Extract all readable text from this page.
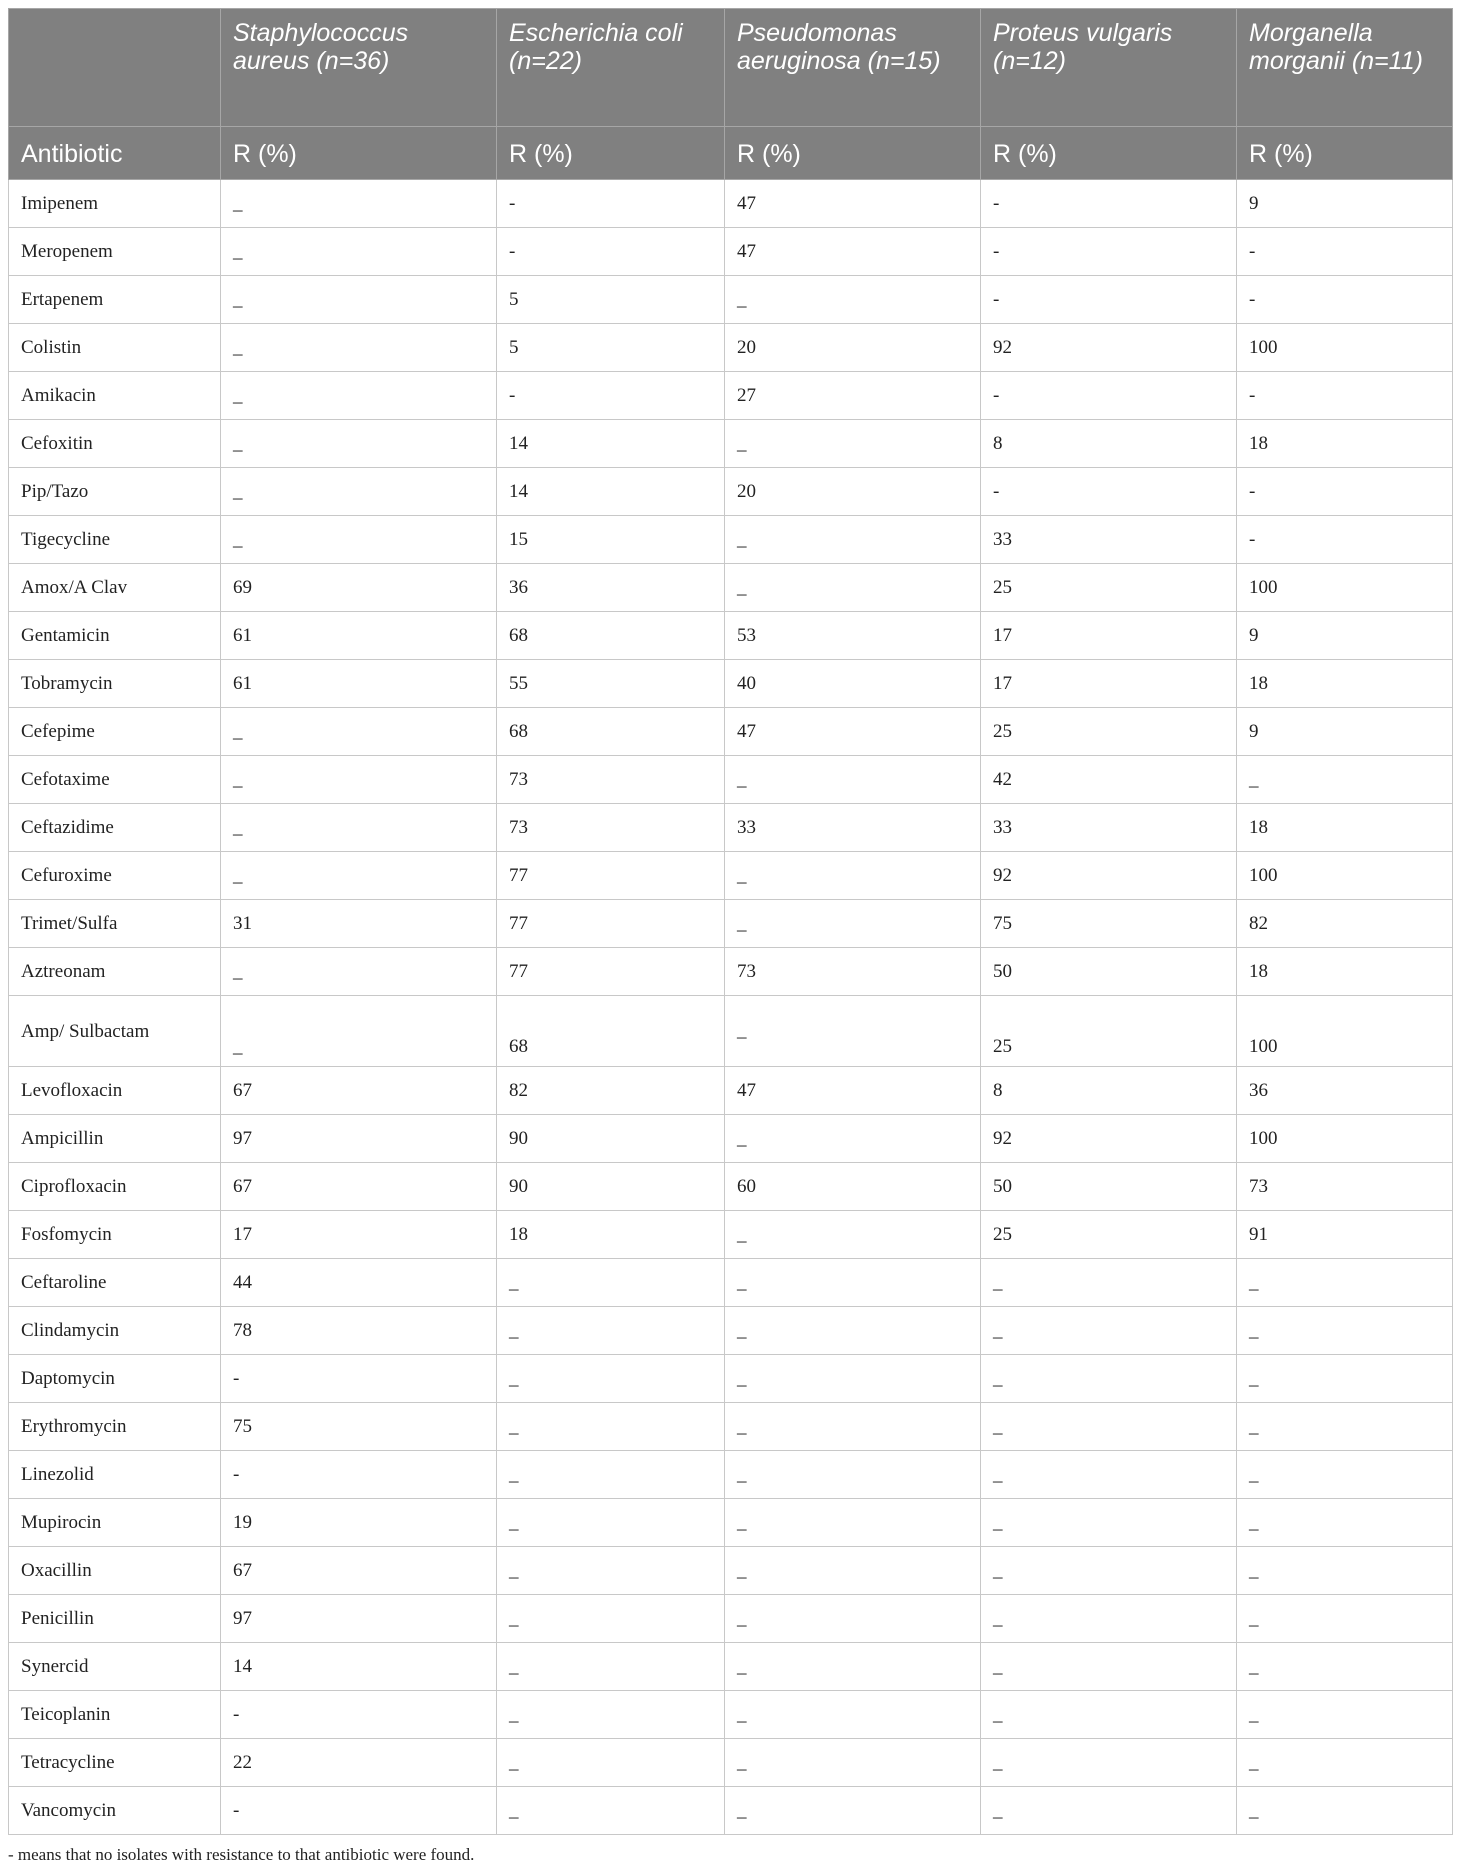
	Staphylococcus aureus (n=36)	Escherichia coli (n=22)	Pseudomonas aeruginosa (n=15)	Proteus vulgaris (n=12)	Morganella morganii (n=11)
Antibiotic	R (%)	R (%)	R (%)	R (%)	R (%)
Imipenem	_	-	47	-	9
Meropenem	_	-	47	-	-
Ertapenem	_	5	_	-	-
Colistin	_	5	20	92	100
Amikacin	_	-	27	-	-
Cefoxitin	_	14	_	8	18
Pip/Tazo	_	14	20	-	-
Tigecycline	_	15	_	33	-
Amox/A Clav	69	36	_	25	100
Gentamicin	61	68	53	17	9
Tobramycin	61	55	40	17	18
Cefepime	_	68	47	25	9
Cefotaxime	_	73	_	42	_
Ceftazidime	_	73	33	33	18
Cefuroxime	_	77	_	92	100
Trimet/Sulfa	31	77	_	75	82
Aztreonam	_	77	73	50	18
Amp/ Sulbactam	_	68	_	25	100
Levofloxacin	67	82	47	8	36
Ampicillin	97	90	_	92	100
Ciprofloxacin	67	90	60	50	73
Fosfomycin	17	18	_	25	91
Ceftaroline	44	_	_	_	_
Clindamycin	78	_	_	_	_
Daptomycin	-	_	_	_	_
Erythromycin	75	_	_	_	_
Linezolid	-	_	_	_	_
Mupirocin	19	_	_	_	_
Oxacillin	67	_	_	_	_
Penicillin	97	_	_	_	_
Synercid	14	_	_	_	_
Teicoplanin	-	_	_	_	_
Tetracycline	22	_	_	_	_
Vancomycin	-	_	_	_	_
- means that no isolates with resistance to that antibiotic were found.
